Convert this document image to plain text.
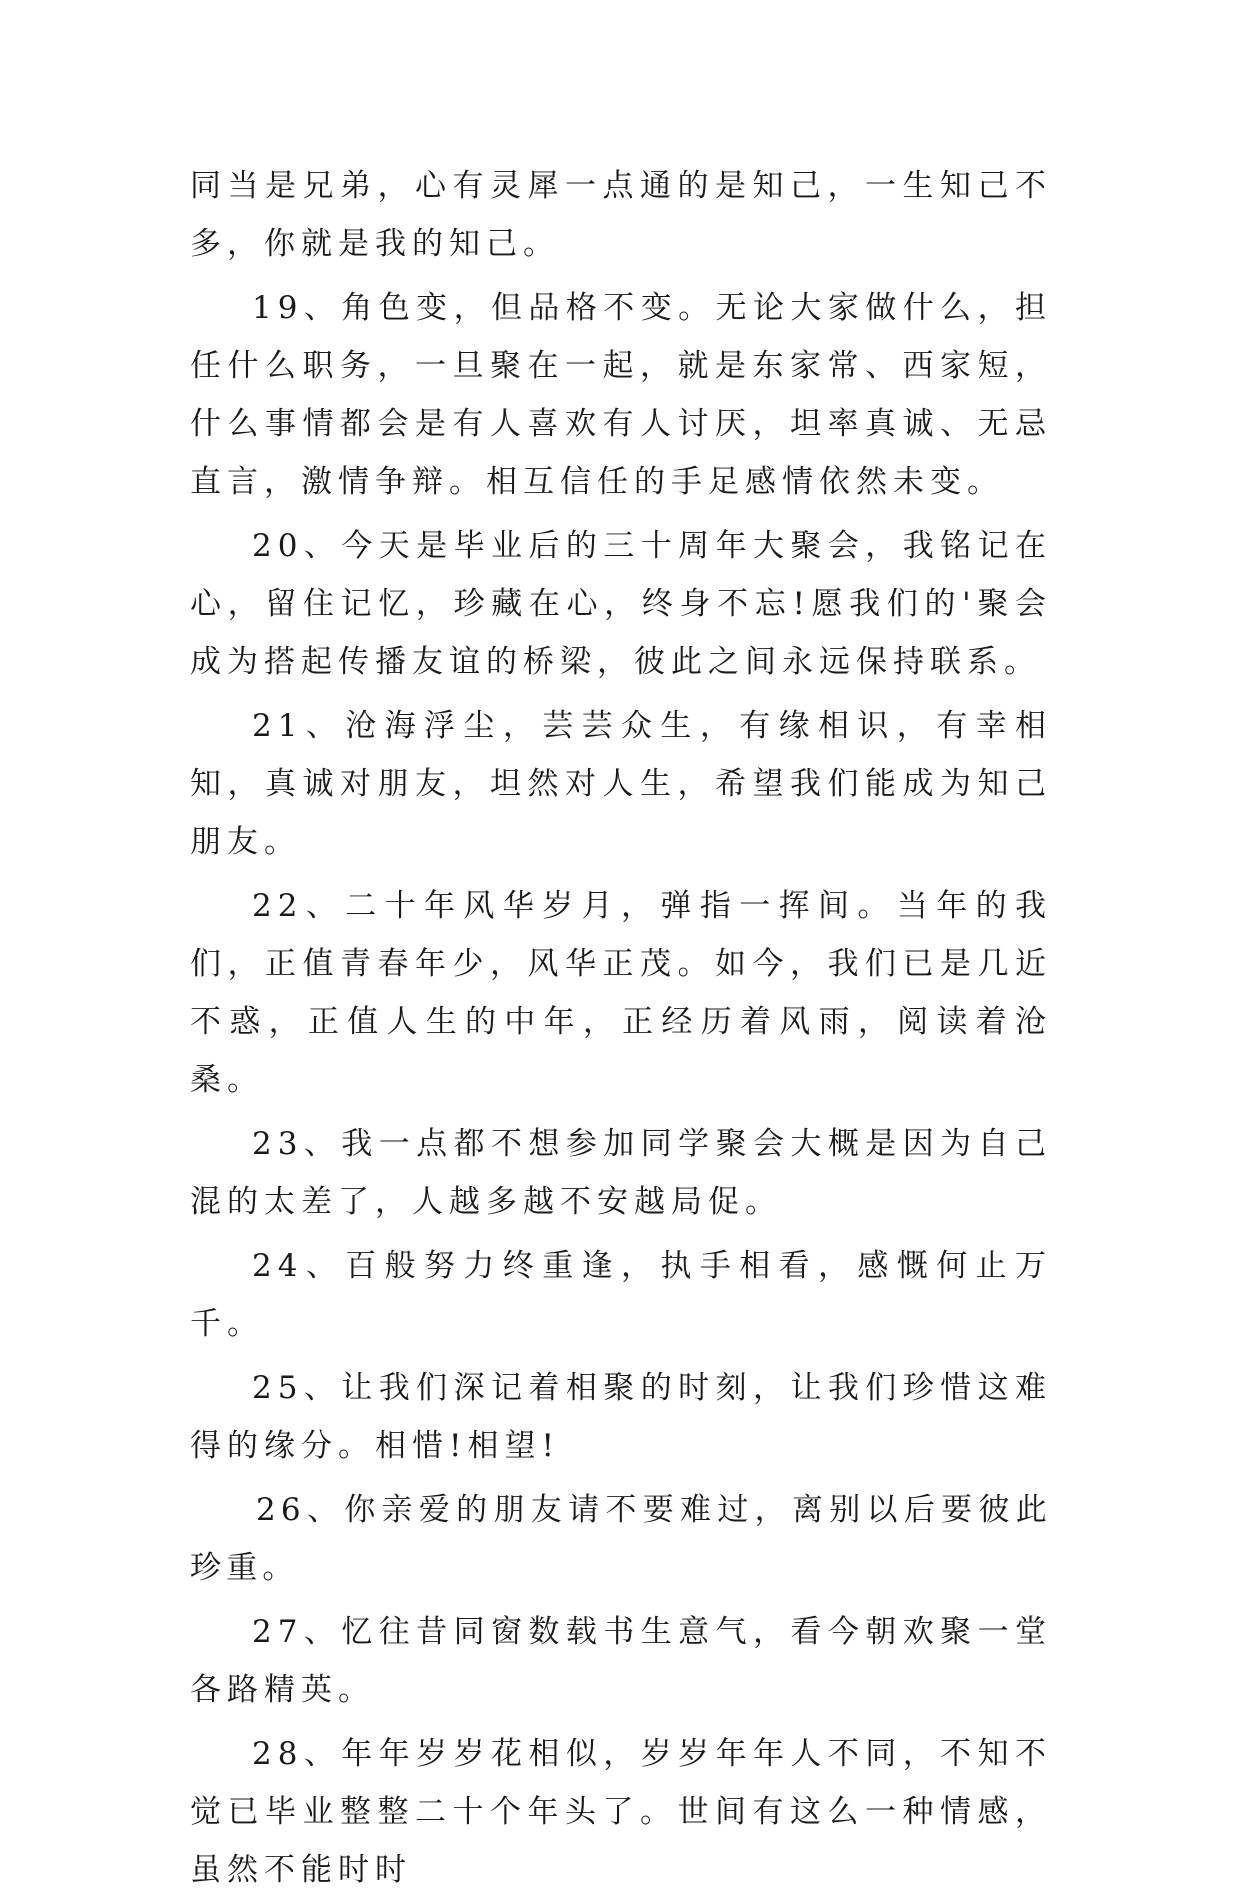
同当是兄弟，心有灵犀一点通的是知己，一生知己不多，你就是我的知己。

19、角色变，但品格不变。无论大家做什么，担任什么职务，一旦聚在一起，就是东家常、西家短，什么事情都会是有人喜欢有人讨厌，坦率真诚、无忌直言，激情争辩。相互信任的手足感情依然未变。

20、今天是毕业后的三十周年大聚会，我铭记在心，留住记忆，珍藏在心，终身不忘!愿我们的'聚会成为搭起传播友谊的桥梁，彼此之间永远保持联系。

21、沧海浮尘，芸芸众生，有缘相识，有幸相知，真诚对朋友，坦然对人生，希望我们能成为知己朋友。

22、二十年风华岁月，弹指一挥间。当年的我们，正值青春年少，风华正茂。如今，我们已是几近不惑，正值人生的中年，正经历着风雨，阅读着沧桑。

23、我一点都不想参加同学聚会大概是因为自己混的太差了，人越多越不安越局促。

24、百般努力终重逢，执手相看，感慨何止万千。

25、让我们深记着相聚的时刻，让我们珍惜这难得的缘分。相惜!相望!

26、你亲爱的朋友请不要难过，离别以后要彼此珍重。

27、忆往昔同窗数载书生意气，看今朝欢聚一堂各路精英。

28、年年岁岁花相似，岁岁年年人不同，不知不觉已毕业整整二十个年头了。世间有这么一种情感，虽然不能时时
